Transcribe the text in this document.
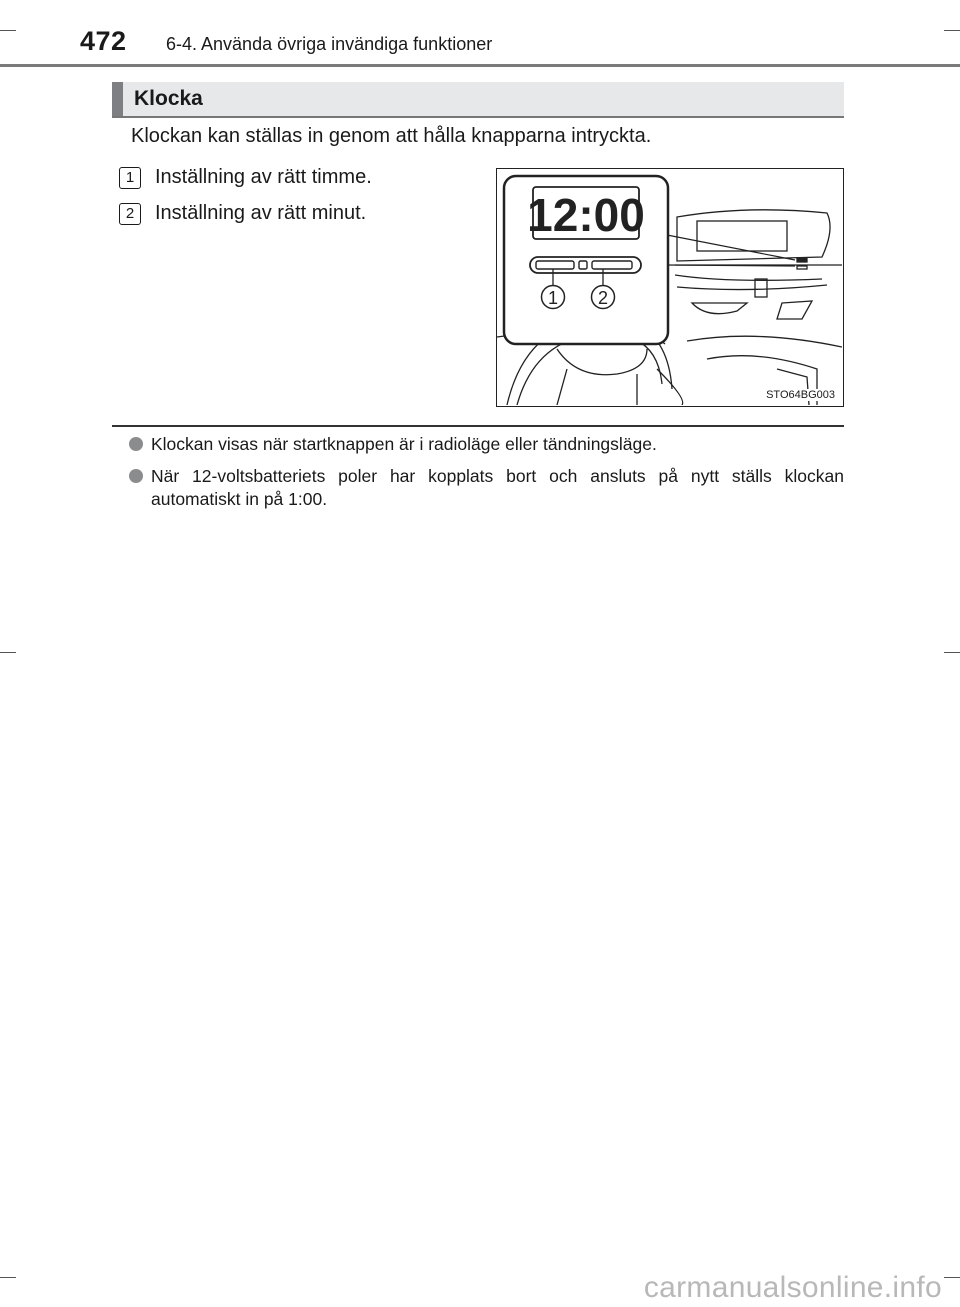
472 6-4. Använda övriga invändiga funktioner
Klocka
Klockan kan ställas in genom att hålla knapparna intryckta.
1	Inställning av rätt timme.
2	Inställning av rätt minut.	12:00
1 2
STO64BG003
Klockan visas när startknappen är i radioläge eller tändningsläge.
När 12-voltsbatteriets poler har kopplats bort och ansluts på nytt ställs klockan automatiskt in på 1:00.
carmanualsonline.info
